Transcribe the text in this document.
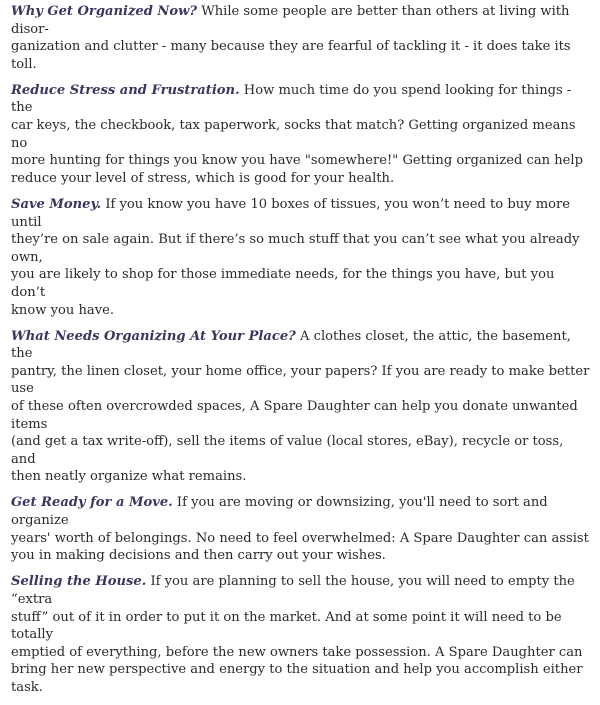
Why Get Organized Now? While some people are better than others at living with disor-
ganization and clutter - many because they are fearful of tackling it - it does take its toll.

Reduce Stress and Frustration. How much time do you spend looking for things - the
car keys, the checkbook, tax paperwork, socks that match? Getting organized means no
more hunting for things you know you have "somewhere!" Getting organized can help
reduce your level of stress, which is good for your health.

Save Money. If you know you have 10 boxes of tissues, you won’t need to buy more until
they’re on sale again. But if there’s so much stuff that you can’t see what you already own,
you are likely to shop for those immediate needs, for the things you have, but you don’t
know you have.

What Needs Organizing At Your Place? A clothes closet, the attic, the basement, the
pantry, the linen closet, your home office, your papers? If you are ready to make better use
of these often overcrowded spaces, A Spare Daughter can help you donate unwanted items
(and get a tax write-off), sell the items of value (local stores, eBay), recycle or toss, and
then neatly organize what remains.

Get Ready for a Move. If you are moving or downsizing, you'll need to sort and organize
years' worth of belongings. No need to feel overwhelmed: A Spare Daughter can assist
you in making decisions and then carry out your wishes.

Selling the House. If you are planning to sell the house, you will need to empty the “extra
stuff” out of it in order to put it on the market. And at some point it will need to be totally
emptied of everything, before the new owners take possession. A Spare Daughter can
bring her new perspective and energy to the situation and help you accomplish either task.
